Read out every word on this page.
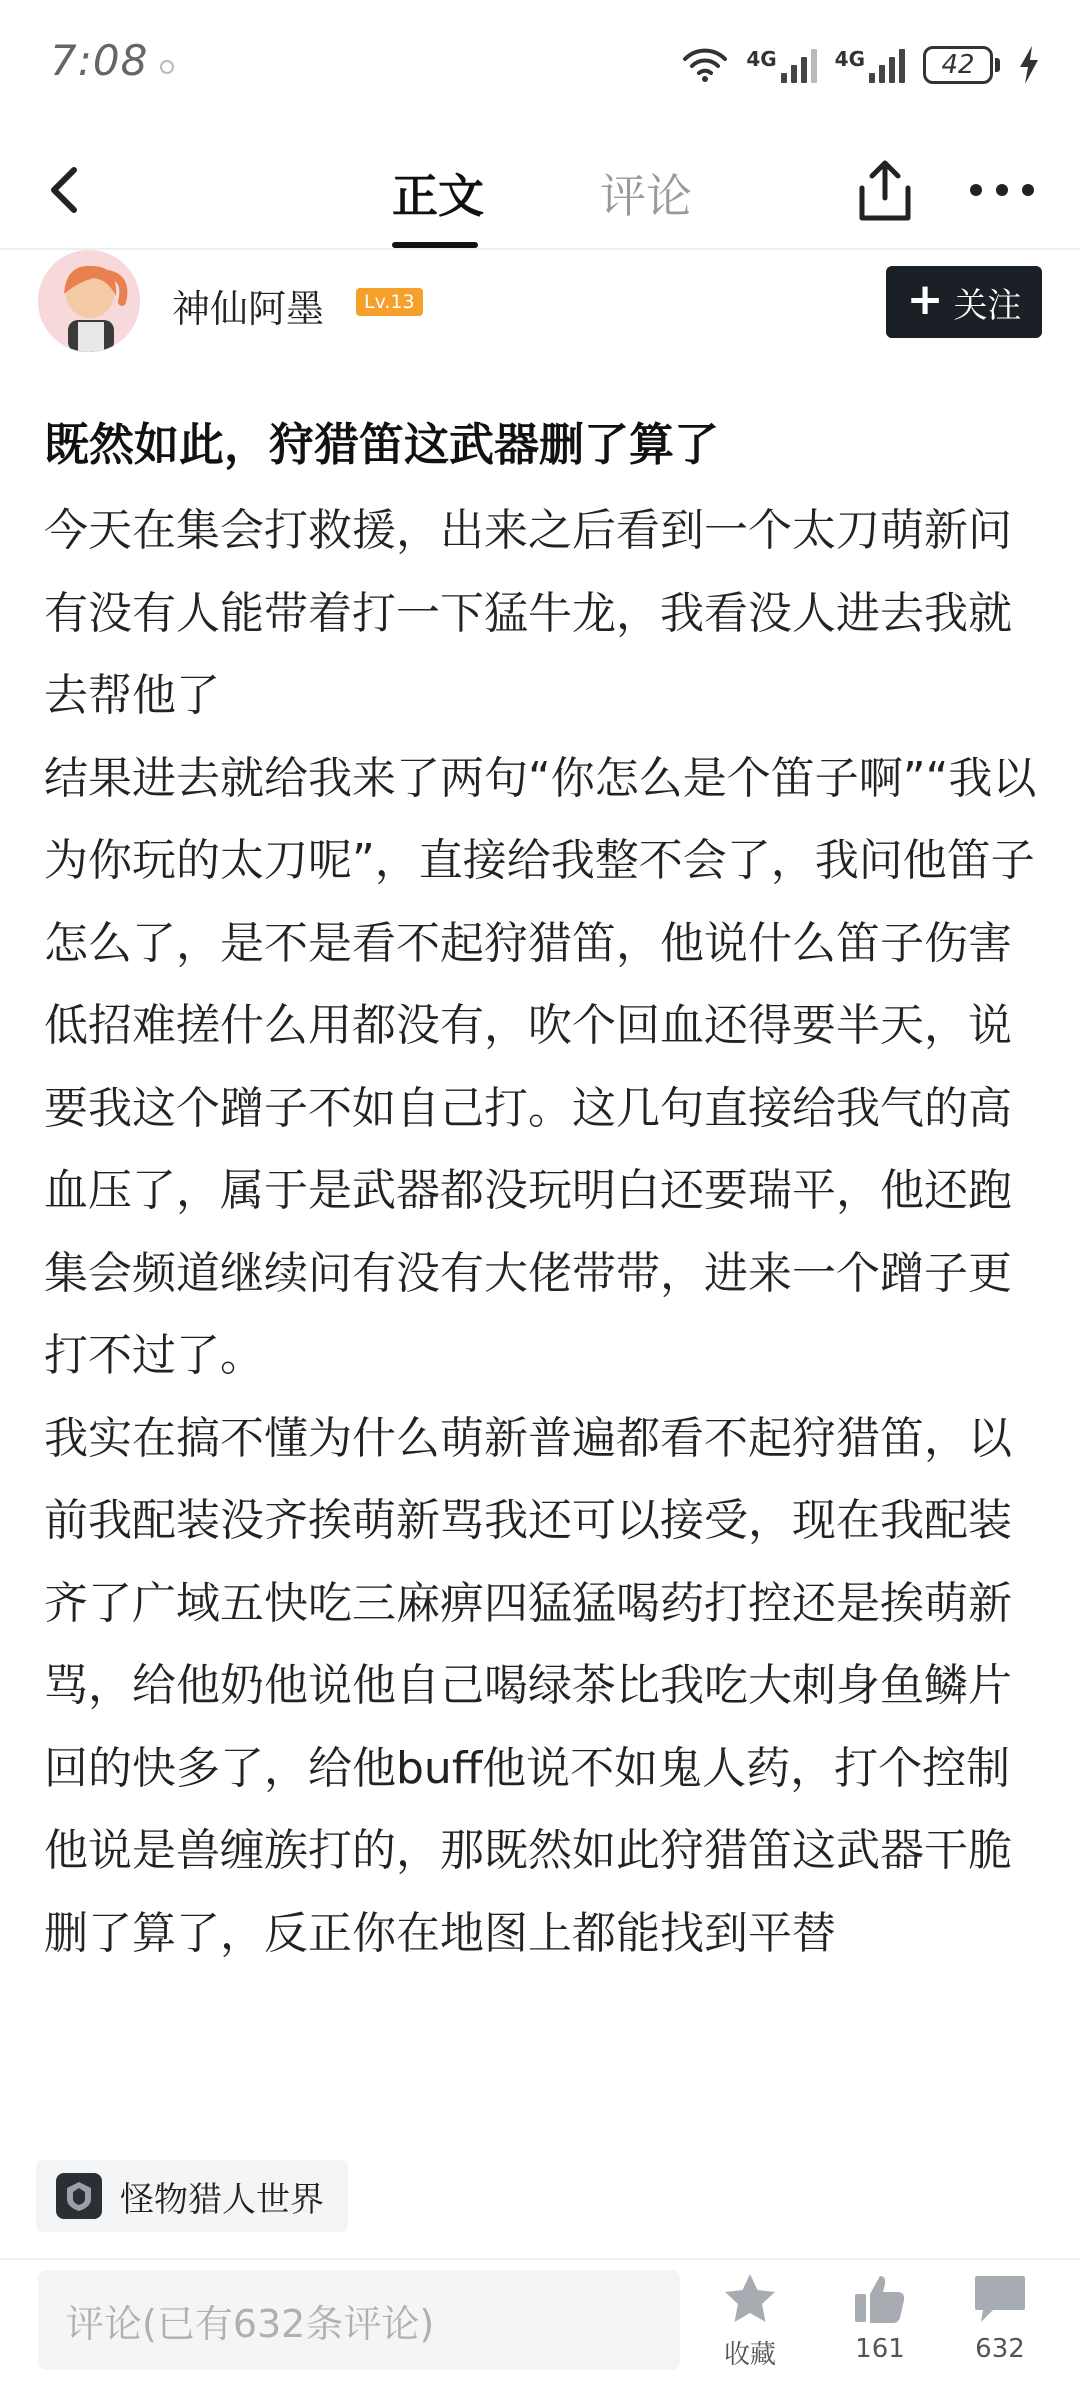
7:08	4G	4G	42
正文	评论
神仙阿墨	Lv.13	+ 关注
既然如此，狩猎笛这武器删了算了

今天在集会打救援，出来之后看到一个太刀萌新问有没有人能带着打一下猛牛龙，我看没人进去我就去帮他了

结果进去就给我来了两句“你怎么是个笛子啊”“我以为你玩的太刀呢”，直接给我整不会了，我问他笛子怎么了，是不是看不起狩猎笛，他说什么笛子伤害低招难搓什么用都没有，吹个回血还得要半天，说要我这个蹭子不如自己打。这几句直接给我气的高血压了，属于是武器都没玩明白还要瑞平，他还跑集会频道继续问有没有大佬带带，进来一个蹭子更打不过了。

我实在搞不懂为什么萌新普遍都看不起狩猎笛，以前我配装没齐挨萌新骂我还可以接受，现在我配装齐了广域五快吃三麻痹四猛猛喝药打控还是挨萌新骂，给他奶他说他自己喝绿茶比我吃大刺身鱼鳞片回的快多了，给他buff他说不如鬼人药，打个控制他说是兽缠族打的，那既然如此狩猎笛这武器干脆删了算了，反正你在地图上都能找到平替

怪物猎人世界
评论(已有632条评论)
收藏	161	632
